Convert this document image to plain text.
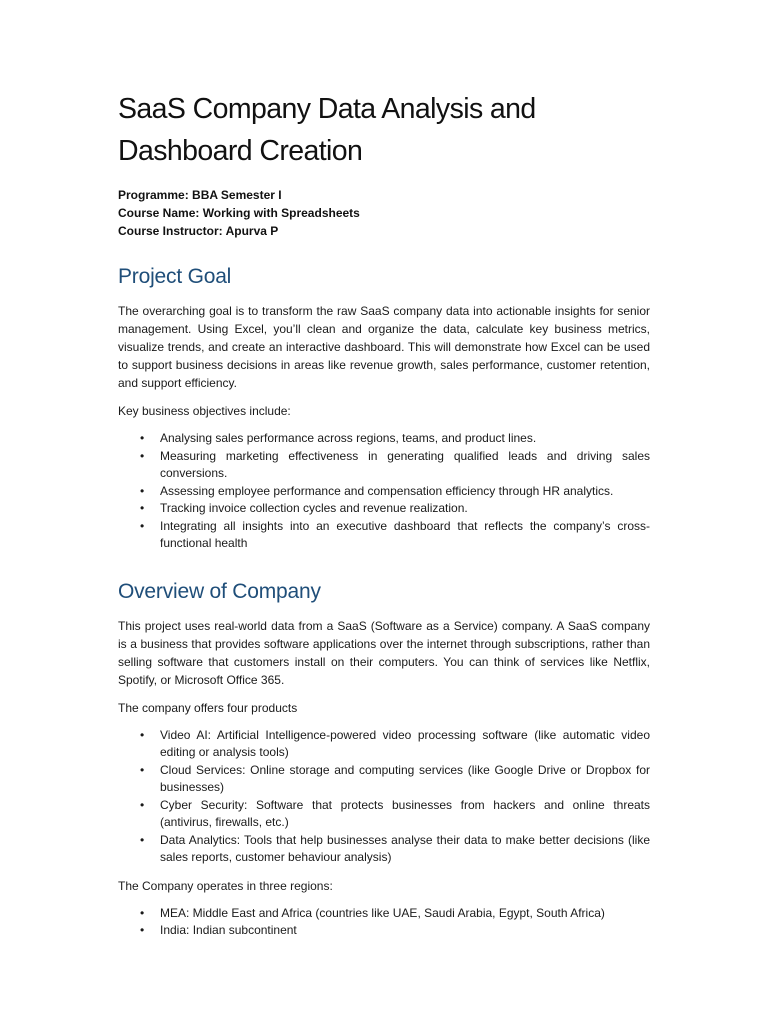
SaaS Company Data Analysis and Dashboard Creation

Programme: BBA Semester I

Course Name: Working with Spreadsheets

Course Instructor: Apurva P

Project Goal

The overarching goal is to transform the raw SaaS company data into actionable insights for senior management. Using Excel, you’ll clean and organize the data, calculate key business metrics, visualize trends, and create an interactive dashboard. This will demonstrate how Excel can be used to support business decisions in areas like revenue growth, sales performance, customer retention, and support efficiency.

Key business objectives include:

• Analysing sales performance across regions, teams, and product lines.
• Measuring marketing effectiveness in generating qualified leads and driving sales conversions.
• Assessing employee performance and compensation efficiency through HR analytics.
• Tracking invoice collection cycles and revenue realization.
• Integrating all insights into an executive dashboard that reflects the company’s cross-functional health
Overview of Company

This project uses real-world data from a SaaS (Software as a Service) company. A SaaS company is a business that provides software applications over the internet through subscriptions, rather than selling software that customers install on their computers. You can think of services like Netflix, Spotify, or Microsoft Office 365.

The company offers four products

• Video AI: Artificial Intelligence-powered video processing software (like automatic video editing or analysis tools)
• Cloud Services: Online storage and computing services (like Google Drive or Dropbox for businesses)
• Cyber Security: Software that protects businesses from hackers and online threats (antivirus, firewalls, etc.)
• Data Analytics: Tools that help businesses analyse their data to make better decisions (like sales reports, customer behaviour analysis)

The Company operates in three regions:

• MEA: Middle East and Africa (countries like UAE, Saudi Arabia, Egypt, South Africa)
• India: Indian subcontinent
